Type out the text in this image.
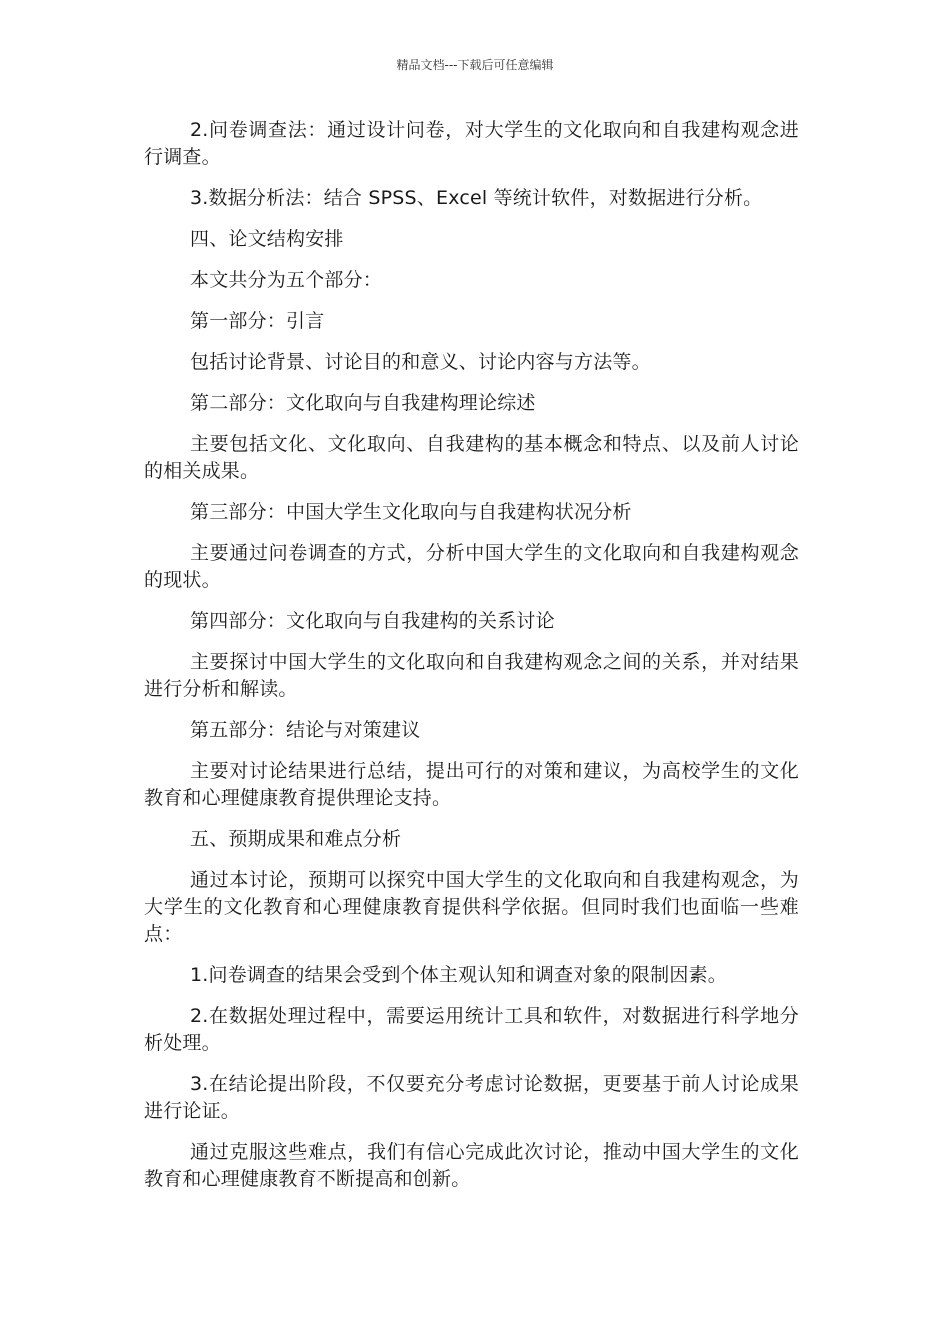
精品文档---下载后可任意编辑

2.问卷调查法：通过设计问卷，对大学生的文化取向和自我建构观念进行调查。

3.数据分析法：结合 SPSS、Excel 等统计软件，对数据进行分析。

四、论文结构安排

本文共分为五个部分：

第一部分：引言

包括讨论背景、讨论目的和意义、讨论内容与方法等。

第二部分：文化取向与自我建构理论综述

主要包括文化、文化取向、自我建构的基本概念和特点、以及前人讨论的相关成果。

第三部分：中国大学生文化取向与自我建构状况分析

主要通过问卷调查的方式，分析中国大学生的文化取向和自我建构观念的现状。

第四部分：文化取向与自我建构的关系讨论

主要探讨中国大学生的文化取向和自我建构观念之间的关系，并对结果进行分析和解读。

第五部分：结论与对策建议

主要对讨论结果进行总结，提出可行的对策和建议，为高校学生的文化教育和心理健康教育提供理论支持。

五、预期成果和难点分析

通过本讨论，预期可以探究中国大学生的文化取向和自我建构观念，为大学生的文化教育和心理健康教育提供科学依据。但同时我们也面临一些难点：

1.问卷调查的结果会受到个体主观认知和调查对象的限制因素。

2.在数据处理过程中，需要运用统计工具和软件，对数据进行科学地分析处理。

3.在结论提出阶段，不仅要充分考虑讨论数据，更要基于前人讨论成果进行论证。

通过克服这些难点，我们有信心完成此次讨论，推动中国大学生的文化教育和心理健康教育不断提高和创新。
